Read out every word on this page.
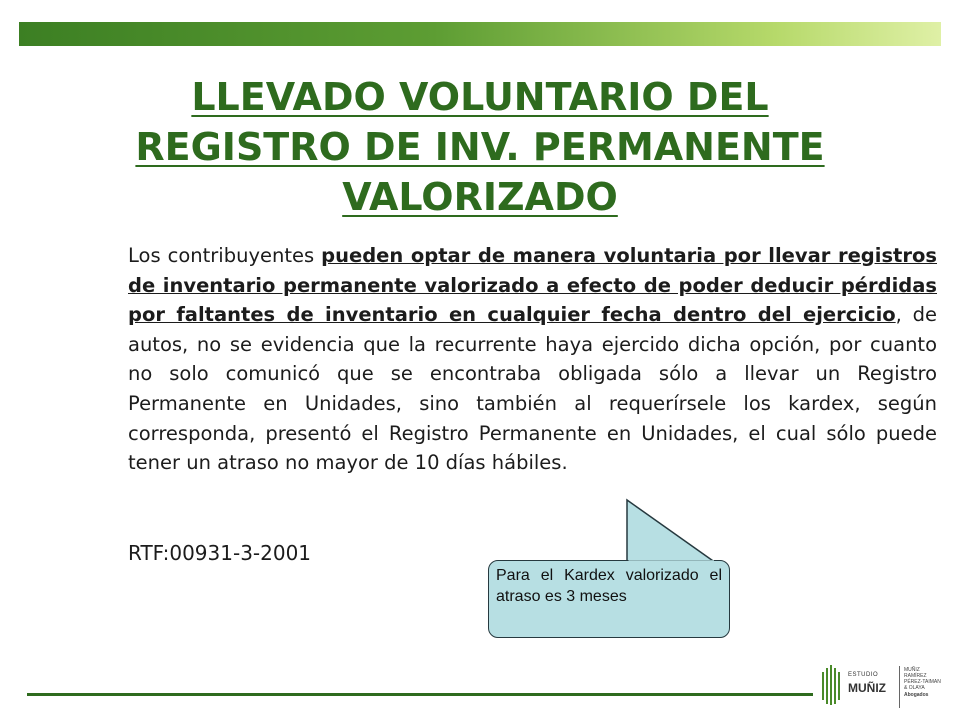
LLEVADO VOLUNTARIO DEL REGISTRO DE INV. PERMANENTE VALORIZADO
Los contribuyentes pueden optar de manera voluntaria por llevar registros de inventario permanente valorizado a efecto de poder deducir pérdidas por faltantes de inventario en cualquier fecha dentro del ejercicio, de autos, no se evidencia que la recurrente haya ejercido dicha opción, por cuanto no solo comunicó que se encontraba obligada sólo a llevar un Registro Permanente en Unidades, sino también al requerírsele los kardex, según corresponda, presentó el Registro Permanente en Unidades, el cual sólo puede tener un atraso no mayor de 10 días hábiles.
RTF:00931-3-2001
Para el Kardex valorizado el atraso es 3 meses
ESTUDIO
MUÑIZ
MUÑIZ
RAMÍREZ
PÉREZ-TAIMAN
& OLAYA
Abogados
